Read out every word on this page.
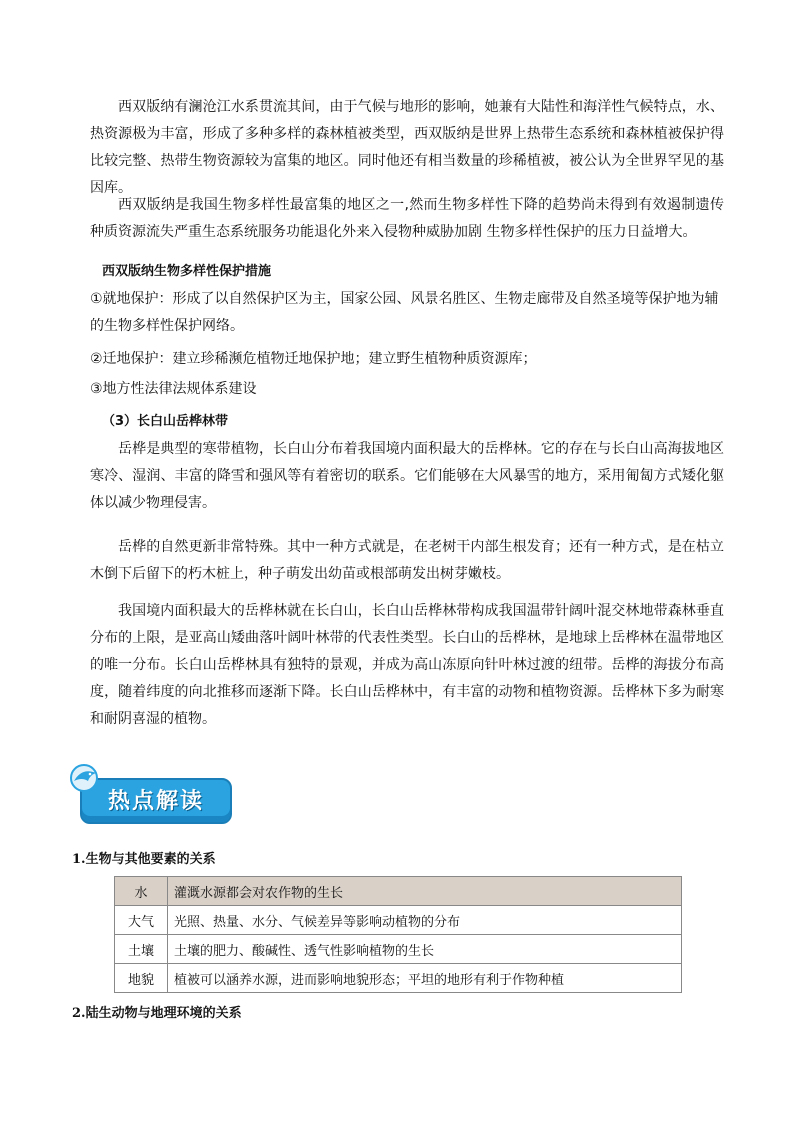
西双版纳有澜沧江水系贯流其间，由于气候与地形的影响，她兼有大陆性和海洋性气候特点，水、热资源极为丰富，形成了多种多样的森林植被类型，西双版纳是世界上热带生态系统和森林植被保护得比较完整、热带生物资源较为富集的地区。同时他还有相当数量的珍稀植被，被公认为全世界罕见的基因库。

西双版纳是我国生物多样性最富集的地区之一,然而生物多样性下降的趋势尚未得到有效遏制遗传种质资源流失严重生态系统服务功能退化外来入侵物种威胁加剧 生物多样性保护的压力日益增大。

西双版纳生物多样性保护措施

①就地保护：形成了以自然保护区为主，国家公园、风景名胜区、生物走廊带及自然圣境等保护地为辅的生物多样性保护网络。

②迁地保护：建立珍稀濒危植物迁地保护地；建立野生植物种质资源库；

③地方性法律法规体系建设

（3）长白山岳桦林带

岳桦是典型的寒带植物，长白山分布着我国境内面积最大的岳桦林。它的存在与长白山高海拔地区寒冷、湿润、丰富的降雪和强风等有着密切的联系。它们能够在大风暴雪的地方，采用匍匐方式矮化躯体以减少物理侵害。

岳桦的自然更新非常特殊。其中一种方式就是，在老树干内部生根发育；还有一种方式，是在枯立木倒下后留下的朽木桩上，种子萌发出幼苗或根部萌发出树芽嫩枝。

我国境内面积最大的岳桦林就在长白山，长白山岳桦林带构成我国温带针阔叶混交林地带森林垂直分布的上限，是亚高山矮曲落叶阔叶林带的代表性类型。长白山的岳桦林，是地球上岳桦林在温带地区的唯一分布。长白山岳桦林具有独特的景观，并成为高山冻原向针叶林过渡的纽带。岳桦的海拔分布高度，随着纬度的向北推移而逐渐下降。长白山岳桦林中，有丰富的动物和植物资源。岳桦林下多为耐寒和耐阴喜湿的植物。

热点解读

1.生物与其他要素的关系

水	灌溉水源都会对农作物的生长
大气	光照、热量、水分、气候差异等影响动植物的分布
土壤	土壤的肥力、酸碱性、透气性影响植物的生长
地貌	植被可以涵养水源，进而影响地貌形态；平坦的地形有利于作物种植

2.陆生动物与地理环境的关系
